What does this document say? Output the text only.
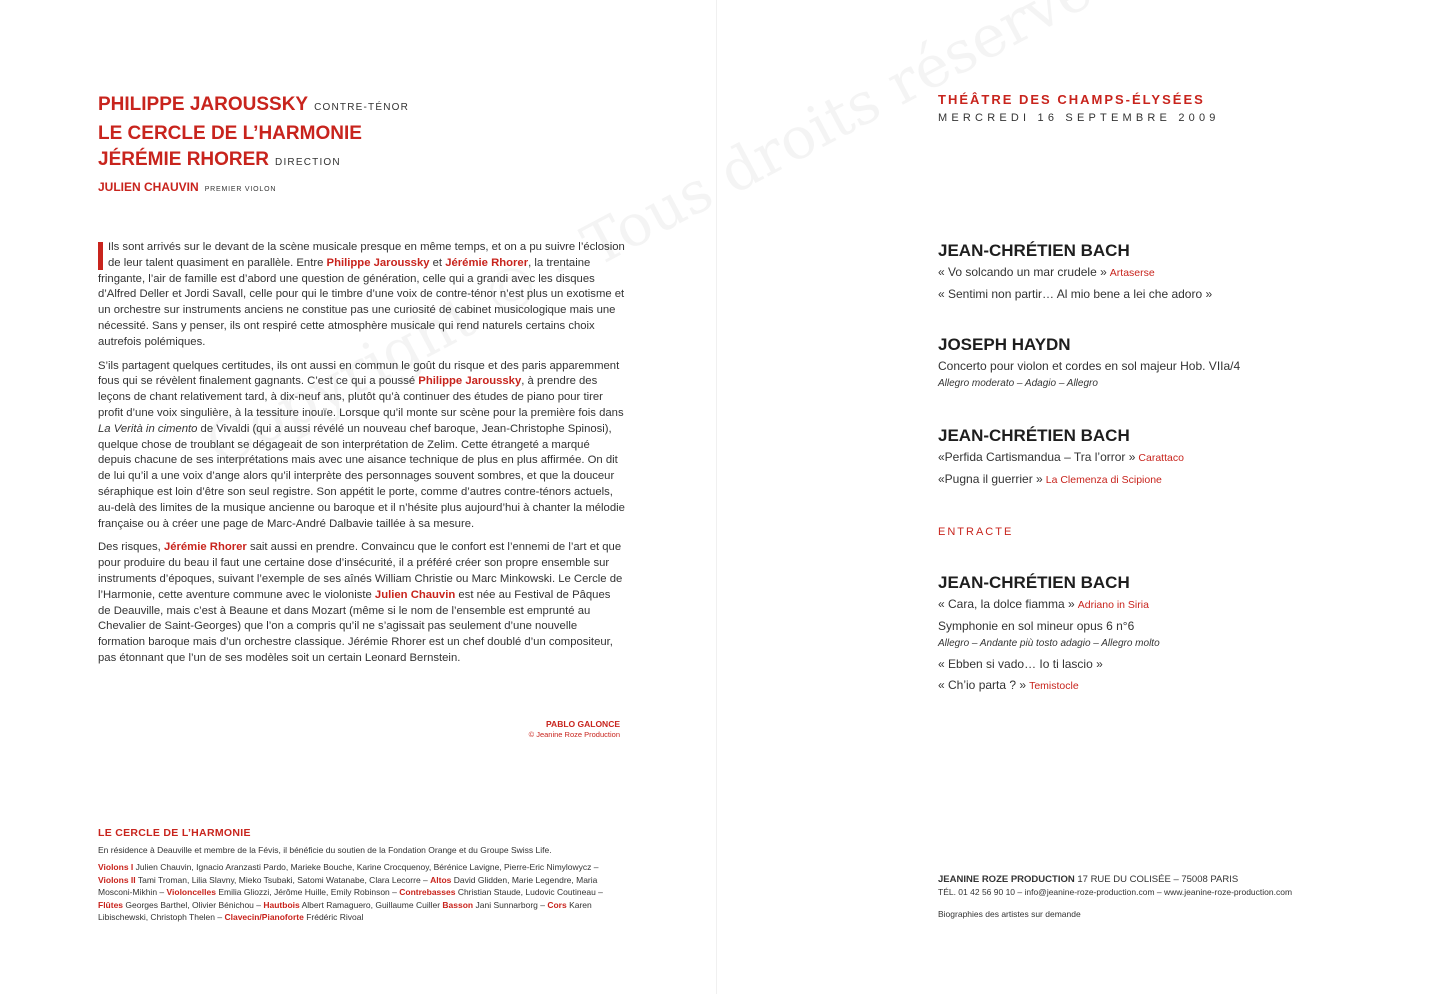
PHILIPPE JAROUSSKY CONTRE-TÉNOR
LE CERCLE DE L’HARMONIE
JÉRÉMIE RHORER DIRECTION
JULIEN CHAUVIN PREMIER VIOLON

Ils sont arrivés sur le devant de la scène musicale presque en même temps, et on a pu suivre l’éclosion de leur talent quasiment en parallèle. Entre Philippe Jaroussky et Jérémie Rhorer, la trentaine fringante, l’air de famille est d’abord une question de génération, celle qui a grandi avec les disques d’Alfred Deller et Jordi Savall, celle pour qui le timbre d’une voix de contre-ténor n’est plus un exotisme et un orchestre sur instruments anciens ne constitue pas une curiosité de cabinet musicologique mais une nécessité. Sans y penser, ils ont respiré cette atmosphère musicale qui rend naturels certains choix autrefois polémiques.

S’ils partagent quelques certitudes, ils ont aussi en commun le goût du risque et des paris apparemment fous qui se révèlent finalement gagnants. C’est ce qui a poussé Philippe Jaroussky, à prendre des leçons de chant relativement tard, à dix-neuf ans, plutôt qu’à continuer des études de piano pour tirer profit d’une voix singulière, à la tessiture inouïe. Lorsque qu’il monte sur scène pour la première fois dans La Verità in cimento de Vivaldi (qui a aussi révélé un nouveau chef baroque, Jean-Christophe Spinosi), quelque chose de troublant se dégageait de son interprétation de Zelim. Cette étrangeté a marqué depuis chacune de ses interprétations mais avec une aisance technique de plus en plus affirmée. On dit de lui qu’il a une voix d’ange alors qu’il interprète des personnages souvent sombres, et que la douceur séraphique est loin d’être son seul registre. Son appétit le porte, comme d’autres contre-ténors actuels, au-delà des limites de la musique ancienne ou baroque et il n’hésite plus aujourd’hui à chanter la mélodie française ou à créer une page de Marc-André Dalbavie taillée à sa mesure.

Des risques, Jérémie Rhorer sait aussi en prendre. Convaincu que le confort est l’ennemi de l’art et que pour produire du beau il faut une certaine dose d’insécurité, il a préféré créer son propre ensemble sur instruments d’époques, suivant l’exemple de ses aînés William Christie ou Marc Minkowski. Le Cercle de l’Harmonie, cette aventure commune avec le violoniste Julien Chauvin est née au Festival de Pâques de Deauville, mais c’est à Beaune et dans Mozart (même si le nom de l’ensemble est emprunté au Chevalier de Saint-Georges) que l’on a compris qu’il ne s’agissait pas seulement d’une nouvelle formation baroque mais d’un orchestre classique. Jérémie Rhorer est un chef doublé d’un compositeur, pas étonnant que l’un de ses modèles soit un certain Leonard Bernstein.

PABLO GALONCE
© Jeanine Roze Production
LE CERCLE DE L’HARMONIE
En résidence à Deauville et membre de la Févis, il bénéficie du soutien de la Fondation Orange et du Groupe Swiss Life.
Violons I Julien Chauvin, Ignacio Aranzasti Pardo, Marieke Bouche, Karine Crocquenoy, Bérénice Lavigne, Pierre-Eric Nimylowycz – Violons II Tami Troman, Lilia Slavny, Mieko Tsubaki, Satomi Watanabe, Clara Lecorre – Altos David Glidden, Marie Legendre, Maria Mosconi-Mikhin – Violoncelles Emilia Gliozzi, Jérôme Huille, Emily Robinson – Contrebasses Christian Staude, Ludovic Coutineau – Flûtes Georges Barthel, Olivier Bénichou – Hautbois Albert Ramaguero, Guillaume Cuiller Basson Jani Sunnarborg – Cors Karen Libischewski, Christoph Thelen – Clavecin/Pianoforte Frédéric Rivoal
THÉÂTRE DES CHAMPS-ÉLYSÉES
MERCREDI 16 SEPTEMBRE 2009
JEAN-CHRÉTIEN BACH
« Vo solcando un mar crudele » Artaserse
« Sentimi non partir… Al mio bene a lei che adoro »
JOSEPH HAYDN
Concerto pour violon et cordes en sol majeur Hob. VIIa/4
Allegro moderato – Adagio – Allegro
JEAN-CHRÉTIEN BACH
«Perfida Cartismandua – Tra l’orror » Carattaco
«Pugna il guerrier » La Clemenza di Scipione
ENTRACTE
JEAN-CHRÉTIEN BACH
« Cara, la dolce fiamma » Adriano in Siria
Symphonie en sol mineur opus 6 n°6
Allegro – Andante più tosto adagio – Allegro molto
« Ebben si vado… Io ti lascio »
« Ch’io parta ? » Temistocle
JEANINE ROZE PRODUCTION 17 RUE DU COLISÉE – 75008 PARIS
TÉL. 01 42 56 90 10 – info@jeanine-roze-production.com – www.jeanine-roze-production.com
Biographies des artistes sur demande
